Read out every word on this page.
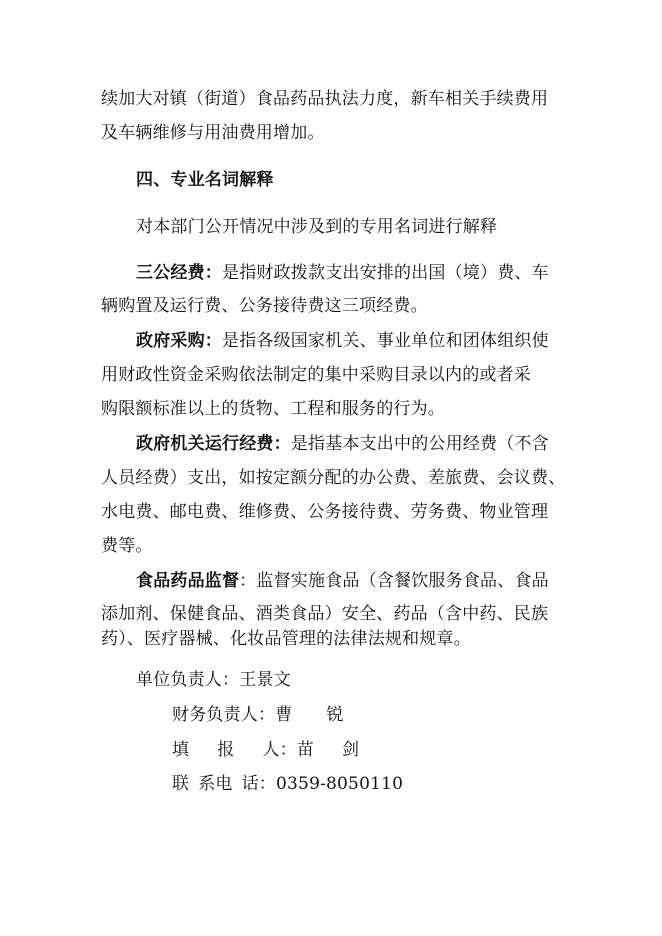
续加大对镇（街道）食品药品执法力度，新车相关手续费用
及车辆维修与用油费用增加。
四、专业名词解释
对本部门公开情况中涉及到的专用名词进行解释
三公经费：是指财政拨款支出安排的出国（境）费、车
辆购置及运行费、公务接待费这三项经费。
政府采购：是指各级国家机关、事业单位和团体组织使
用财政性资金采购依法制定的集中采购目录以内的或者采
购限额标准以上的货物、工程和服务的行为。
政府机关运行经费：是指基本支出中的公用经费（不含
人员经费）支出，如按定额分配的办公费、差旅费、会议费、
水电费、邮电费、维修费、公务接待费、劳务费、物业管理
费等。
食品药品监督：监督实施食品（含餐饮服务食品、食品
添加剂、保健食品、酒类食品）安全、药品（含中药、民族
药）、医疗器械、化妆品管理的法律法规和规章。
单位负责人：王景文
财务负责人：曹 锐
填 报 人：苗 剑
联 系电 话：0359-8050110
